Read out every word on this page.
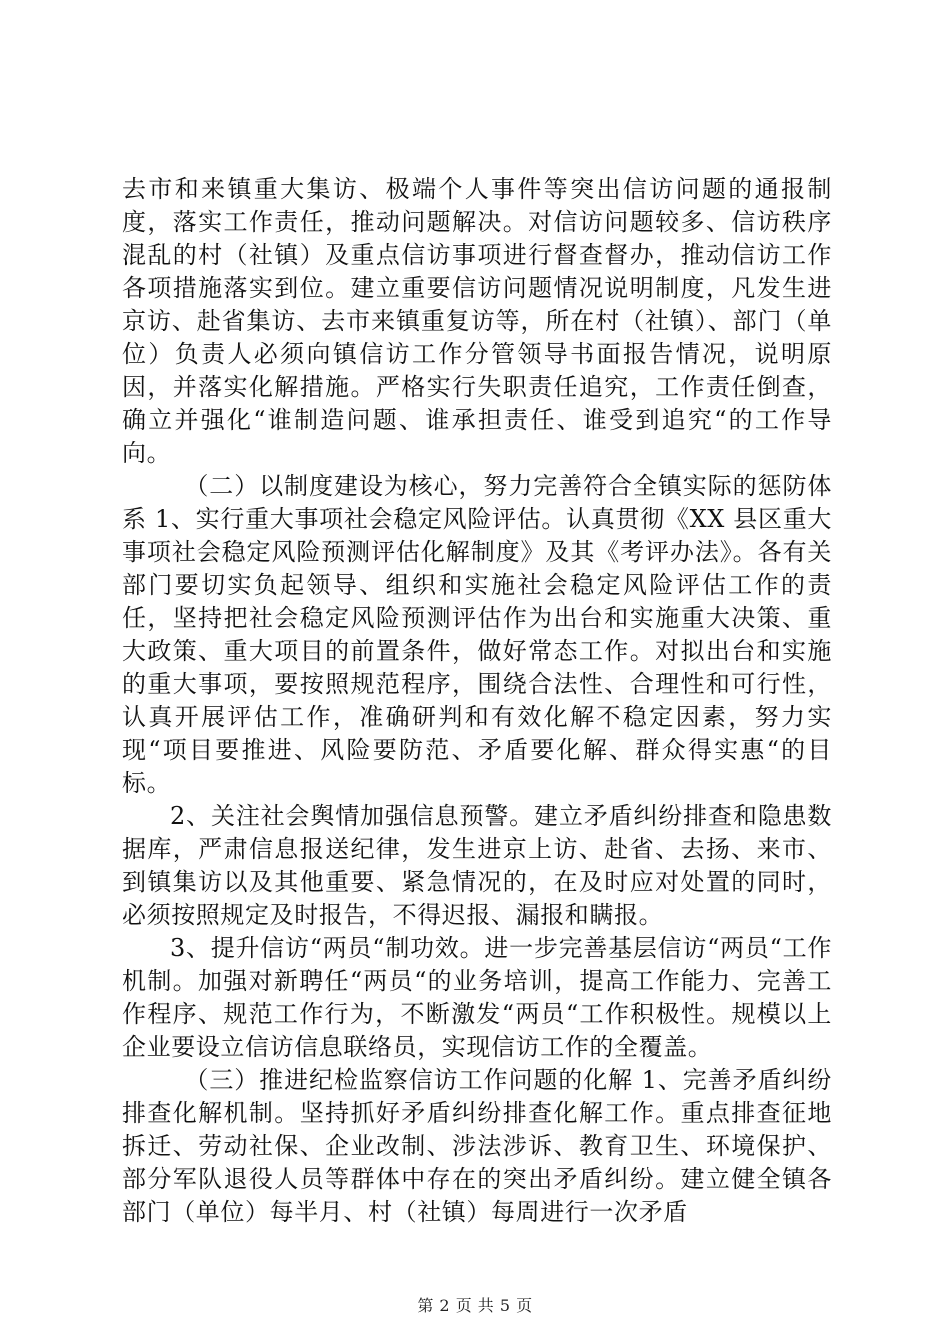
去市和来镇重大集访、极端个人事件等突出信访问题的通报制度，落实工作责任，推动问题解决。对信访问题较多、信访秩序混乱的村（社镇）及重点信访事项进行督查督办，推动信访工作各项措施落实到位。建立重要信访问题情况说明制度，凡发生进京访、赴省集访、去市来镇重复访等，所在村（社镇）、部门（单位）负责人必须向镇信访工作分管领导书面报告情况，说明原因，并落实化解措施。严格实行失职责任追究，工作责任倒查，确立并强化“谁制造问题、谁承担责任、谁受到追究“的工作导向。

（二）以制度建设为核心，努力完善符合全镇实际的惩防体系 1、实行重大事项社会稳定风险评估。认真贯彻《XX 县区重大事项社会稳定风险预测评估化解制度》及其《考评办法》。各有关部门要切实负起领导、组织和实施社会稳定风险评估工作的责任，坚持把社会稳定风险预测评估作为出台和实施重大决策、重大政策、重大项目的前置条件，做好常态工作。对拟出台和实施的重大事项，要按照规范程序，围绕合法性、合理性和可行性，认真开展评估工作，准确研判和有效化解不稳定因素，努力实现“项目要推进、风险要防范、矛盾要化解、群众得实惠“的目标。

2、关注社会舆情加强信息预警。建立矛盾纠纷排查和隐患数据库，严肃信息报送纪律，发生进京上访、赴省、去扬、来市、到镇集访以及其他重要、紧急情况的，在及时应对处置的同时，必须按照规定及时报告，不得迟报、漏报和瞒报。

3、提升信访“两员“制功效。进一步完善基层信访“两员“工作机制。加强对新聘任“两员“的业务培训，提高工作能力、完善工作程序、规范工作行为，不断激发“两员“工作积极性。规模以上企业要设立信访信息联络员，实现信访工作的全覆盖。

（三）推进纪检监察信访工作问题的化解 1、完善矛盾纠纷排查化解机制。坚持抓好矛盾纠纷排查化解工作。重点排查征地拆迁、劳动社保、企业改制、涉法涉诉、教育卫生、环境保护、部分军队退役人员等群体中存在的突出矛盾纠纷。建立健全镇各部门（单位）每半月、村（社镇）每周进行一次矛盾

第 2 页 共 5 页
